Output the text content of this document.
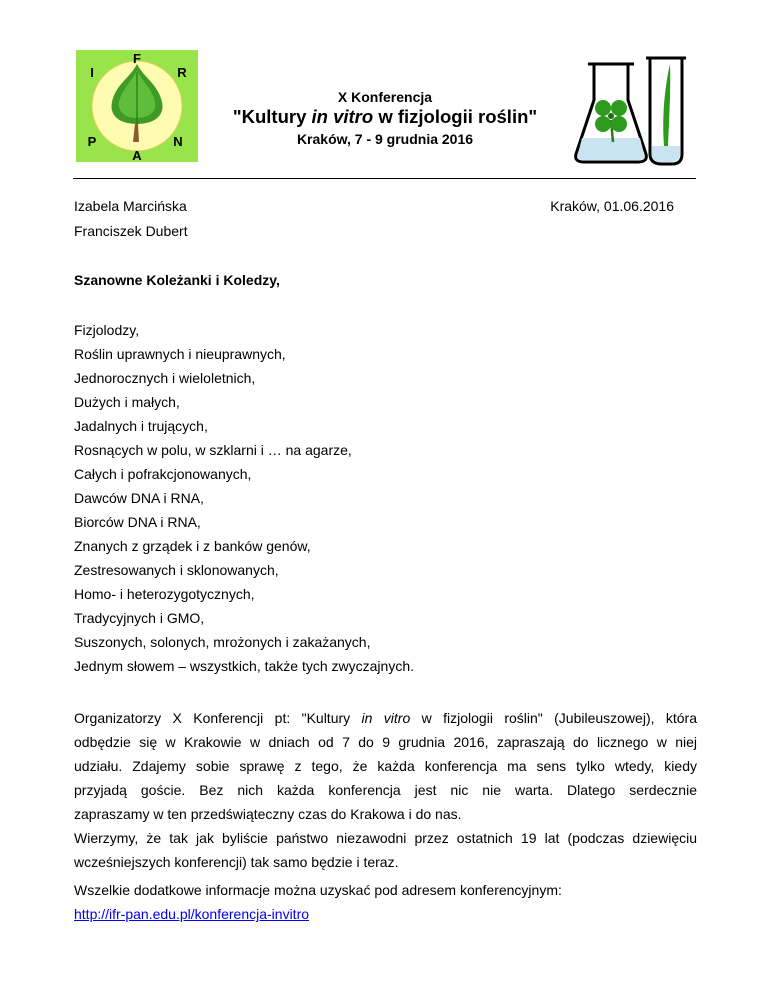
F
R
N
A
P
I
X Konferencja
"Kultury in vitro w fizjologii roślin"
Kraków, 7 - 9 grudnia 2016
Izabela Marcińska
Franciszek Dubert
Kraków, 01.06.2016
Szanowne Koleżanki i Koledzy,
Fizjolodzy,
Roślin uprawnych i nieuprawnych,
Jednorocznych i wieloletnich,
Dużych i małych,
Jadalnych i trujących,
Rosnących w polu, w szklarni i … na agarze,
Całych i pofrakcjonowanych,
Dawców DNA i RNA,
Biorców DNA i RNA,
Znanych z grządek i z banków genów,
Zestresowanych i sklonowanych,
Homo- i heterozygotycznych,
Tradycyjnych i GMO,
Suszonych, solonych, mrożonych i zakażanych,
Jednym słowem – wszystkich, także tych zwyczajnych.
Organizatorzy X Konferencji pt: "Kultury in vitro w fizjologii roślin" (Jubileuszowej), która
odbędzie się w Krakowie w dniach od 7 do 9 grudnia 2016, zapraszają do licznego w niej
udziału. Zdajemy sobie sprawę z tego, że każda konferencja ma sens tylko wtedy, kiedy
przyjadą goście. Bez nich każda konferencja jest nic nie warta. Dlatego serdecznie
zapraszamy w ten przedświąteczny czas do Krakowa i do nas.
Wierzymy, że tak jak byliście państwo niezawodni przez ostatnich 19 lat (podczas dziewięciu
wcześniejszych konferencji) tak samo będzie i teraz.
Wszelkie dodatkowe informacje można uzyskać pod adresem konferencyjnym:
http://ifr-pan.edu.pl/konferencja-invitro
